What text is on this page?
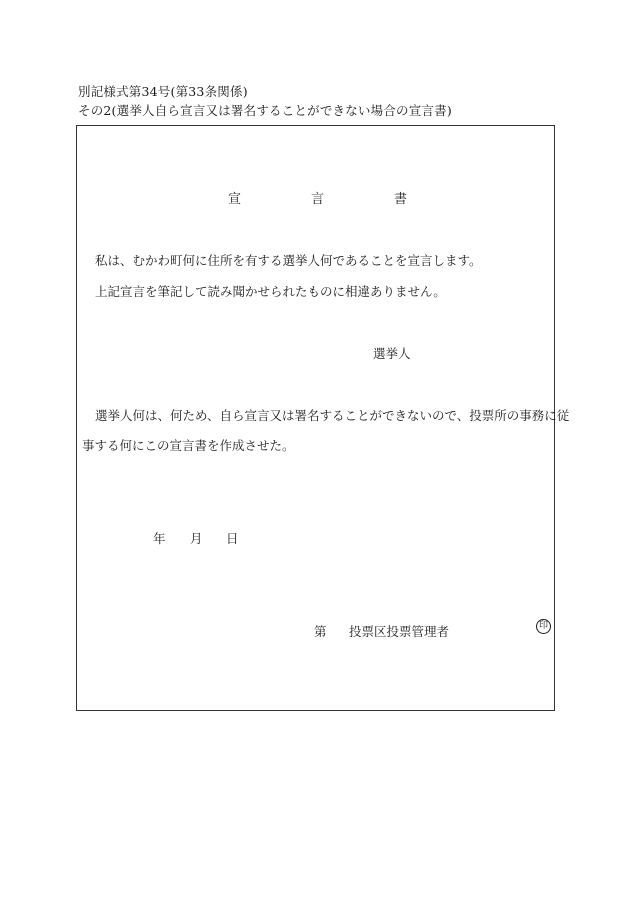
別記様式第34号(第33条関係)
その2(選挙人自ら宣言又は署名することができない場合の宣言書)
宣	言	書
私は、むかわ町何に住所を有する選挙人何であることを宣言します。
上記宣言を筆記して読み聞かせられたものに相違ありません。
選挙人
選挙人何は、何ため、自ら宣言又は署名することができないので、投票所の事務に従
事する何にこの宣言書を作成させた。
年 月 日
第 投票区投票管理者	印
